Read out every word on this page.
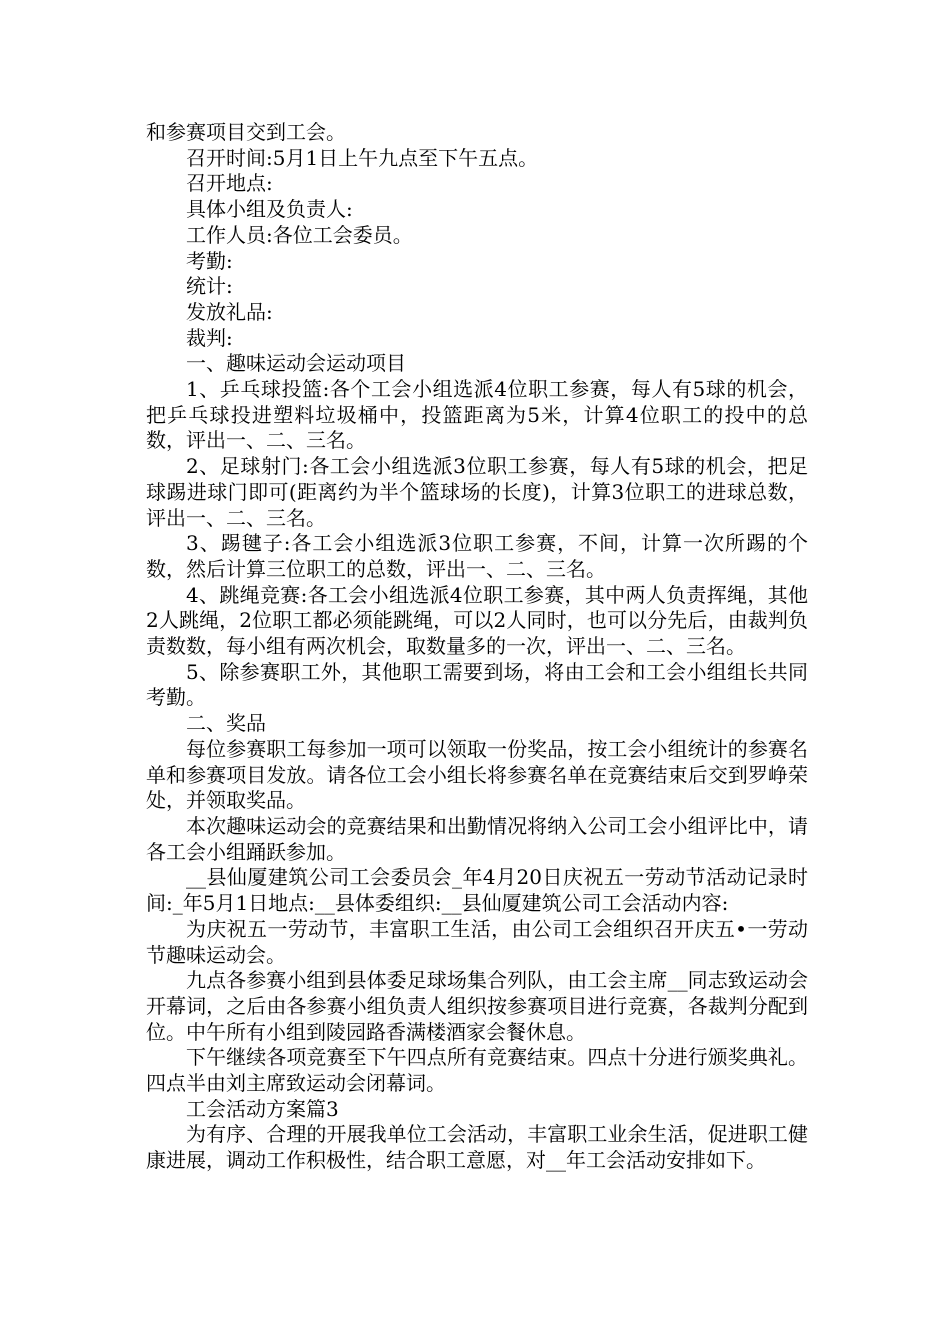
和参赛项目交到工会。

召开时间:5月1日上午九点至下午五点。

召开地点:

具体小组及负责人:

工作人员:各位工会委员。

考勤:

统计:

发放礼品:

裁判:

一、趣味运动会运动项目

1、乒乓球投篮:各个工会小组选派4位职工参赛，每人有5球的机会，把乒乓球投进塑料垃圾桶中，投篮距离为5米，计算4位职工的投中的总数，评出一、二、三名。

2、足球射门:各工会小组选派3位职工参赛，每人有5球的机会，把足球踢进球门即可(距离约为半个篮球场的长度)，计算3位职工的进球总数，评出一、二、三名。

3、踢毽子:各工会小组选派3位职工参赛，不间，计算一次所踢的个数，然后计算三位职工的总数，评出一、二、三名。

4、跳绳竞赛:各工会小组选派4位职工参赛，其中两人负责挥绳，其他2人跳绳，2位职工都必须能跳绳，可以2人同时，也可以分先后，由裁判负责数数，每小组有两次机会，取数量多的一次，评出一、二、三名。

5、除参赛职工外，其他职工需要到场，将由工会和工会小组组长共同考勤。

二、奖品

每位参赛职工每参加一项可以领取一份奖品，按工会小组统计的参赛名单和参赛项目发放。请各位工会小组长将参赛名单在竞赛结束后交到罗峥荣处，并领取奖品。

本次趣味运动会的竞赛结果和出勤情况将纳入公司工会小组评比中，请各工会小组踊跃参加。

__县仙厦建筑公司工会委员会_年4月20日庆祝五一劳动节活动记录时间:_年5月1日地点:__县体委组织:__县仙厦建筑公司工会活动内容:

为庆祝五一劳动节，丰富职工生活，由公司工会组织召开庆五•一劳动节趣味运动会。

九点各参赛小组到县体委足球场集合列队，由工会主席__同志致运动会开幕词，之后由各参赛小组负责人组织按参赛项目进行竞赛，各裁判分配到位。中午所有小组到陵园路香满楼酒家会餐休息。

下午继续各项竞赛至下午四点所有竞赛结束。四点十分进行颁奖典礼。四点半由刘主席致运动会闭幕词。

工会活动方案篇3

为有序、合理的开展我单位工会活动，丰富职工业余生活，促进职工健康进展，调动工作积极性，结合职工意愿，对__年工会活动安排如下。
